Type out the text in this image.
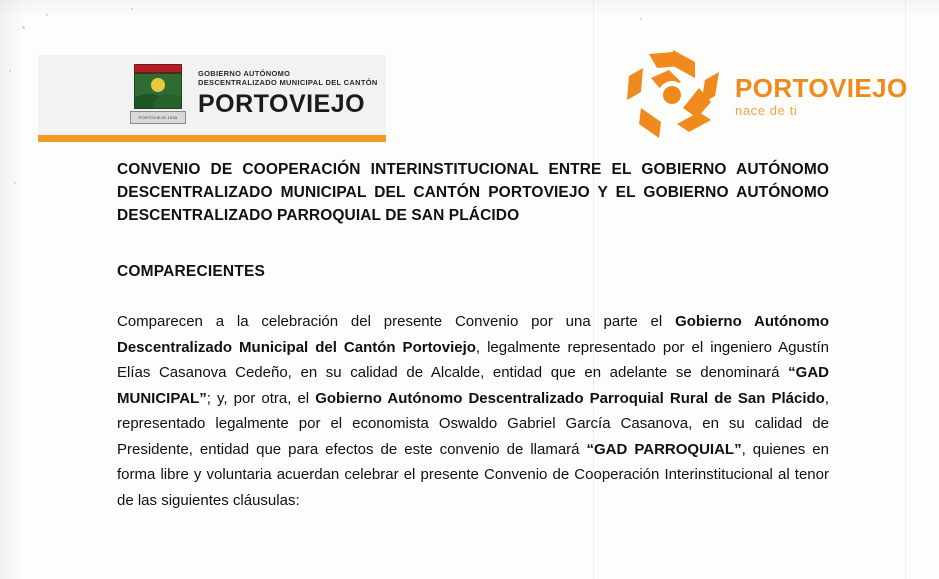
PORTOVIEJO 1535
GOBIERNO AUTÓNOMO
DESCENTRALIZADO MUNICIPAL DEL CANTÓN
PORTOVIEJO
PORTOVIEJO
nace de ti
CONVENIO DE COOPERACIÓN INTERINSTITUCIONAL ENTRE EL GOBIERNO AUTÓNOMO DESCENTRALIZADO MUNICIPAL DEL CANTÓN PORTOVIEJO Y EL GOBIERNO AUTÓNOMO DESCENTRALIZADO PARROQUIAL DE SAN PLÁCIDO
COMPARECIENTES

Comparecen a la celebración del presente Convenio por una parte el Gobierno Autónomo Descentralizado Municipal del Cantón Portoviejo, legalmente representado por el ingeniero Agustín Elías Casanova Cedeño, en su calidad de Alcalde, entidad que en adelante se denominará “GAD MUNICIPAL”; y, por otra, el Gobierno Autónomo Descentralizado Parroquial Rural de San Plácido, representado legalmente por el economista Oswaldo Gabriel García Casanova, en su calidad de Presidente, entidad que para efectos de este convenio de llamará “GAD PARROQUIAL”, quienes en forma libre y voluntaria acuerdan celebrar el presente Convenio de Cooperación Interinstitucional al tenor de las siguientes cláusulas:
